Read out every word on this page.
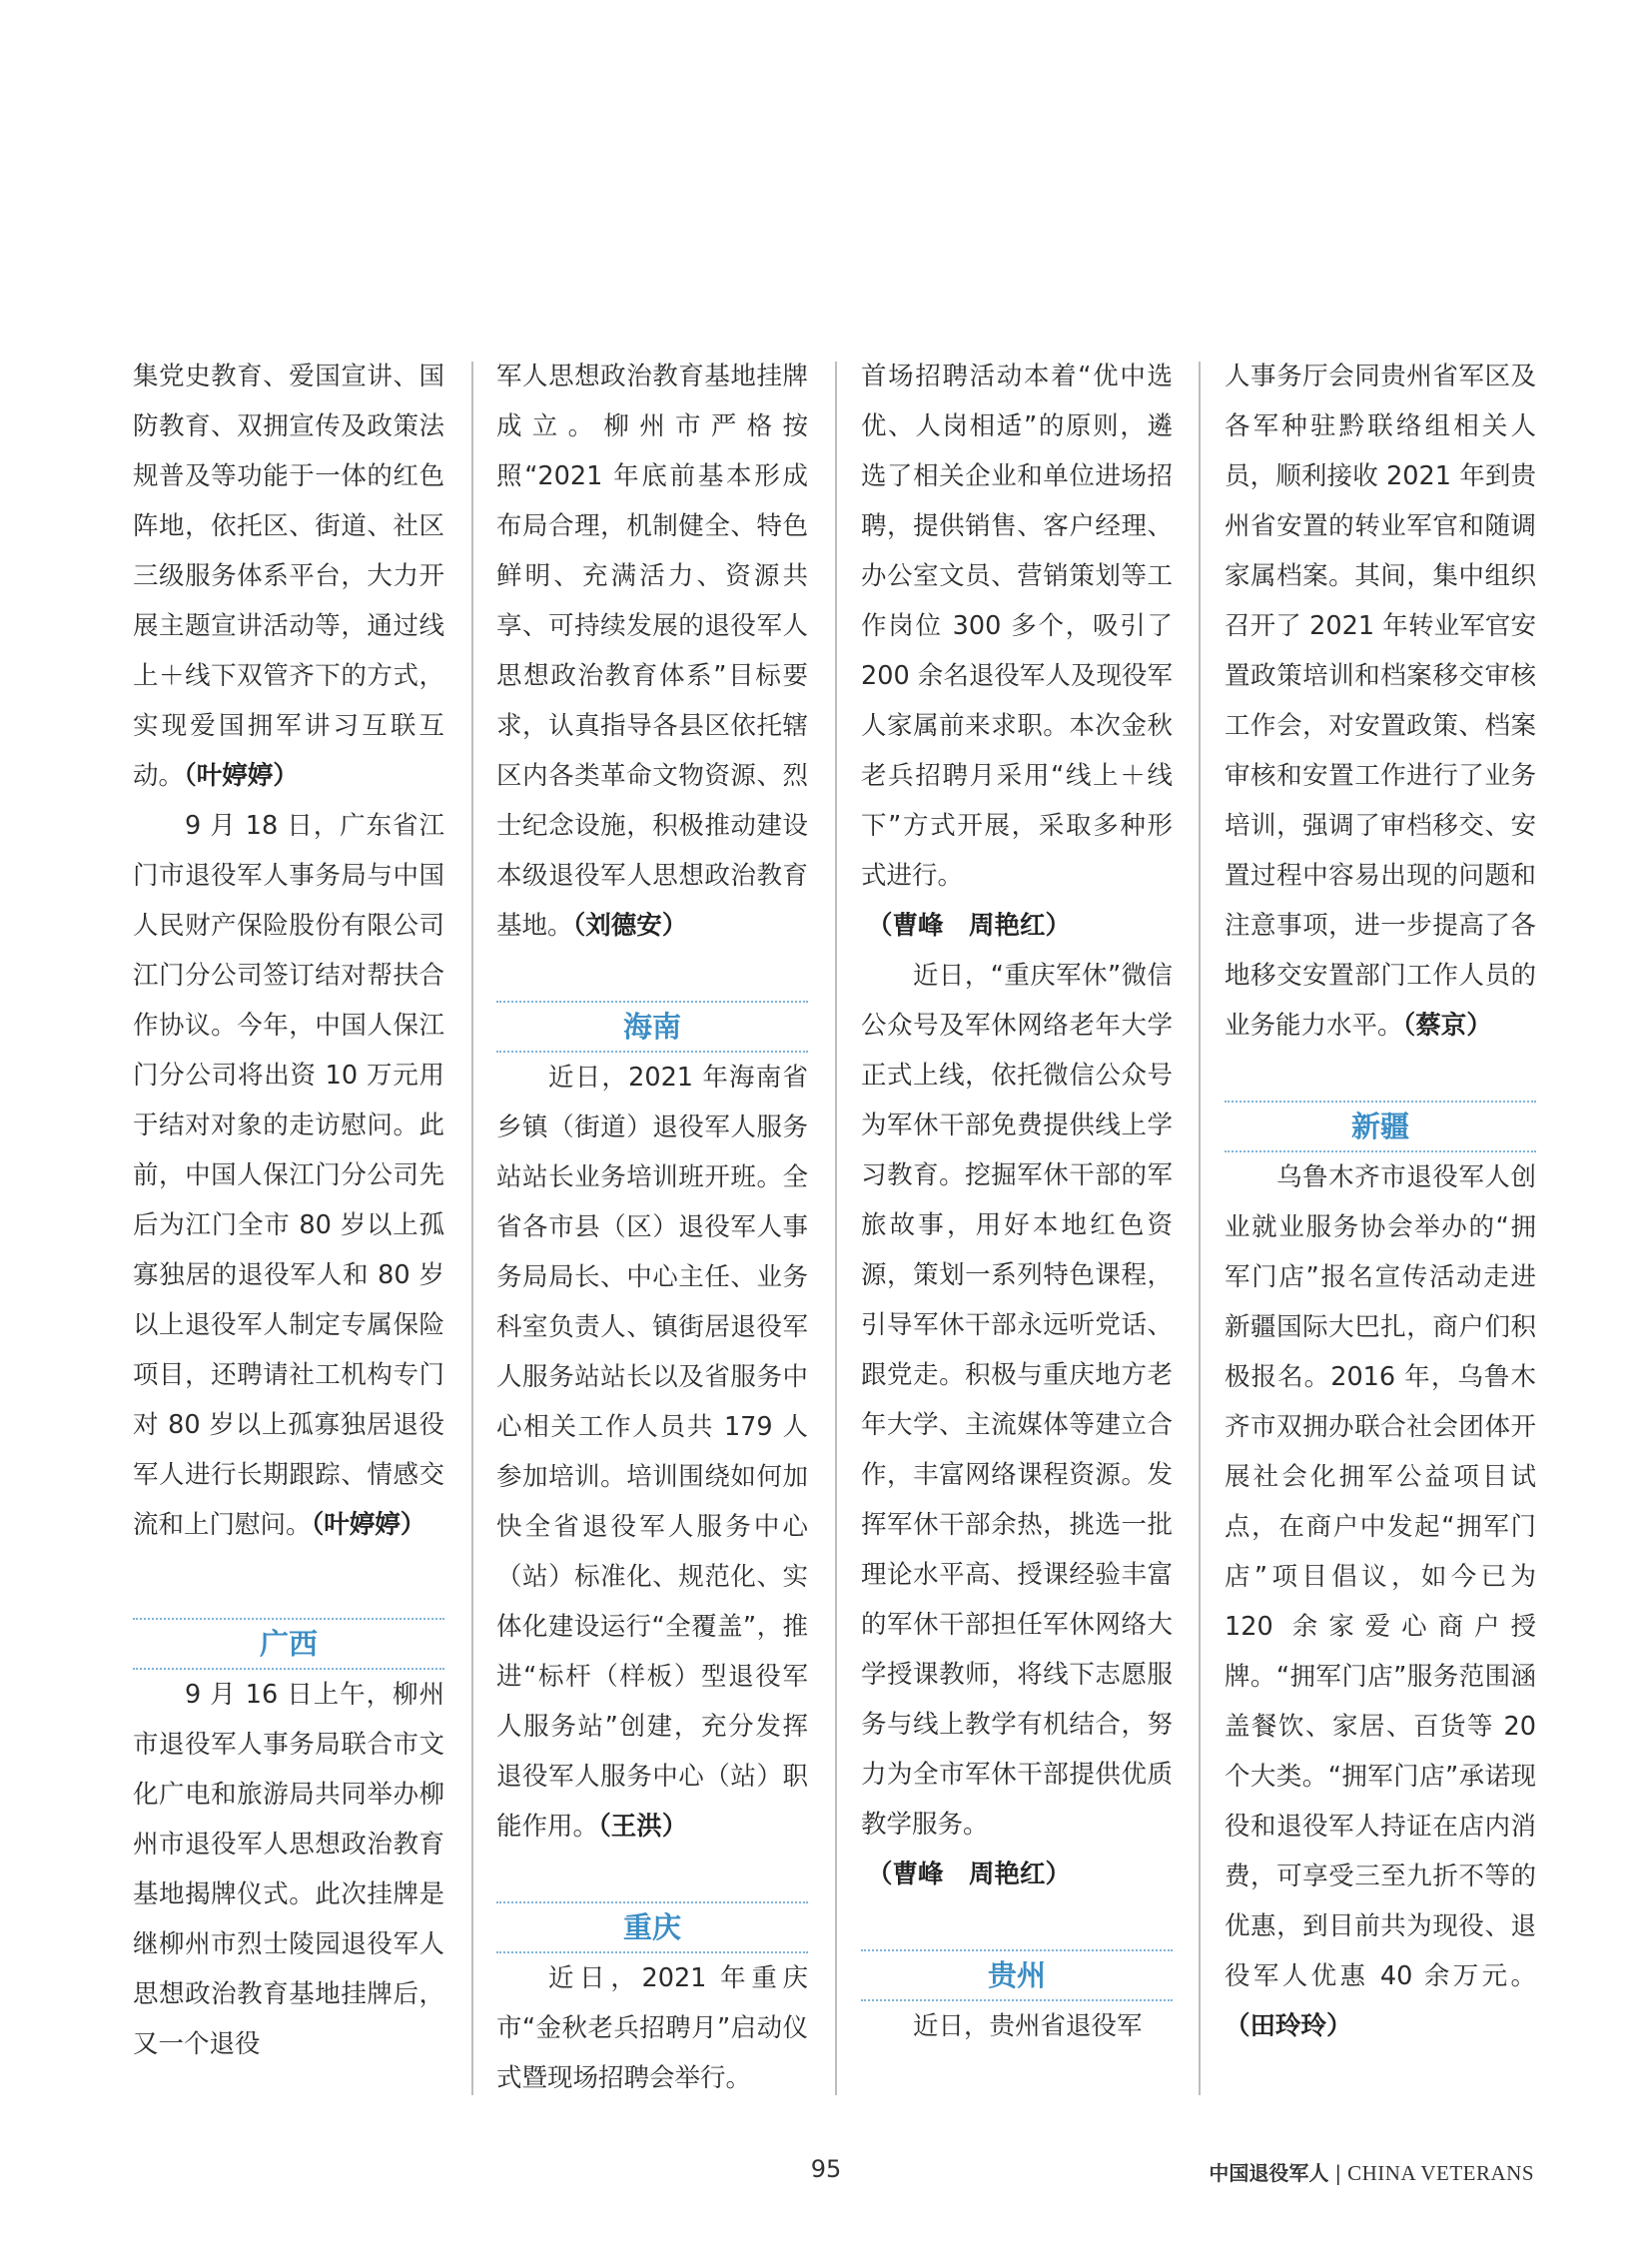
集党史教育、爱国宣讲、国防教育、双拥宣传及政策法规普及等功能于一体的红色阵地，依托区、街道、社区三级服务体系平台，大力开展主题宣讲活动等，通过线上＋线下双管齐下的方式，实现爱国拥军讲习互联互动。（叶婷婷）

9 月 18 日，广东省江门市退役军人事务局与中国人民财产保险股份有限公司江门分公司签订结对帮扶合作协议。今年，中国人保江门分公司将出资 10 万元用于结对对象的走访慰问。此前，中国人保江门分公司先后为江门全市 80 岁以上孤寡独居的退役军人和 80 岁以上退役军人制定专属保险项目，还聘请社工机构专门对 80 岁以上孤寡独居退役军人进行长期跟踪、情感交流和上门慰问。（叶婷婷）

广西

9 月 16 日上午，柳州市退役军人事务局联合市文化广电和旅游局共同举办柳州市退役军人思想政治教育基地揭牌仪式。此次挂牌是继柳州市烈士陵园退役军人思想政治教育基地挂牌后，又一个退役

军人思想政治教育基地挂牌成立。柳州市严格按照“2021 年底前基本形成布局合理，机制健全、特色鲜明、充满活力、资源共享、可持续发展的退役军人思想政治教育体系”目标要求，认真指导各县区依托辖区内各类革命文物资源、烈士纪念设施，积极推动建设本级退役军人思想政治教育基地。（刘德安）

海南

近日，2021 年海南省乡镇（街道）退役军人服务站站长业务培训班开班。全省各市县（区）退役军人事务局局长、中心主任、业务科室负责人、镇街居退役军人服务站站长以及省服务中心相关工作人员共 179 人参加培训。培训围绕如何加快全省退役军人服务中心（站）标准化、规范化、实体化建设运行“全覆盖”，推进“标杆（样板）型退役军人服务站”创建，充分发挥退役军人服务中心（站）职能作用。（王洪）

重庆

近日，2021 年重庆市“金秋老兵招聘月”启动仪式暨现场招聘会举行。

首场招聘活动本着“优中选优、人岗相适”的原则，遴选了相关企业和单位进场招聘，提供销售、客户经理、办公室文员、营销策划等工作岗位 300 多个，吸引了 200 余名退役军人及现役军人家属前来求职。本次金秋老兵招聘月采用“线上＋线下”方式开展，采取多种形式进行。

（曹峰　周艳红）

近日，“重庆军休”微信公众号及军休网络老年大学正式上线，依托微信公众号为军休干部免费提供线上学习教育。挖掘军休干部的军旅故事，用好本地红色资源，策划一系列特色课程，引导军休干部永远听党话、跟党走。积极与重庆地方老年大学、主流媒体等建立合作，丰富网络课程资源。发挥军休干部余热，挑选一批理论水平高、授课经验丰富的军休干部担任军休网络大学授课教师，将线下志愿服务与线上教学有机结合，努力为全市军休干部提供优质教学服务。

（曹峰　周艳红）

贵州

近日，贵州省退役军

人事务厅会同贵州省军区及各军种驻黔联络组相关人员，顺利接收 2021 年到贵州省安置的转业军官和随调家属档案。其间，集中组织召开了 2021 年转业军官安置政策培训和档案移交审核工作会，对安置政策、档案审核和安置工作进行了业务培训，强调了审档移交、安置过程中容易出现的问题和注意事项，进一步提高了各地移交安置部门工作人员的业务能力水平。（蔡京）

新疆

乌鲁木齐市退役军人创业就业服务协会举办的“拥军门店”报名宣传活动走进新疆国际大巴扎，商户们积极报名。2016 年，乌鲁木齐市双拥办联合社会团体开展社会化拥军公益项目试点，在商户中发起“拥军门店”项目倡议，如今已为 120 余家爱心商户授牌。“拥军门店”服务范围涵盖餐饮、家居、百货等 20 个大类。“拥军门店”承诺现役和退役军人持证在店内消费，可享受三至九折不等的优惠，到目前共为现役、退役军人优惠 40 余万元。（田玲玲）

95	中国退役军人 | CHINA VETERANS
